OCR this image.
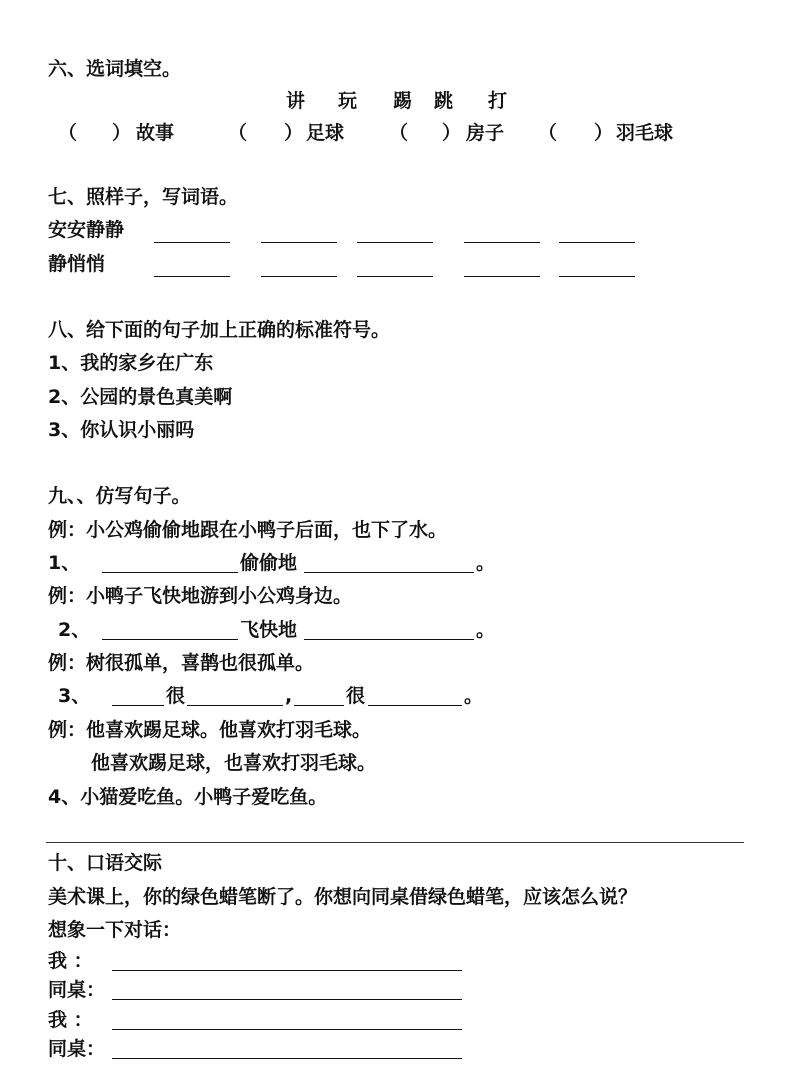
六、选词填空。
讲 玩 踢 跳 打
（ ） 故事	（ ） 足球 （ ） 房子 （ ） 羽毛球
七、照样子，写词语。
安安静静
静悄悄
八、给下面的句子加上正确的标准符号。
1、我的家乡在广东
2、公园的景色真美啊
3、你认识小丽吗
九、、仿写句子。
例：小公鸡偷偷地跟在小鸭子后面，也下了水。
1、	偷偷地	。
例：小鸭子飞快地游到小公鸡身边。
2、	飞快地	。
例：树很孤单，喜鹊也很孤单。
3、	很	,	很	。
例：他喜欢踢足球。他喜欢打羽毛球。
他喜欢踢足球，也喜欢打羽毛球。
4、小猫爱吃鱼。小鸭子爱吃鱼。
十、口语交际
美术课上，你的绿色蜡笔断了。你想向同桌借绿色蜡笔，应该怎么说？
想象一下对话：
我 ：
同桌：
我 ：
同桌：
